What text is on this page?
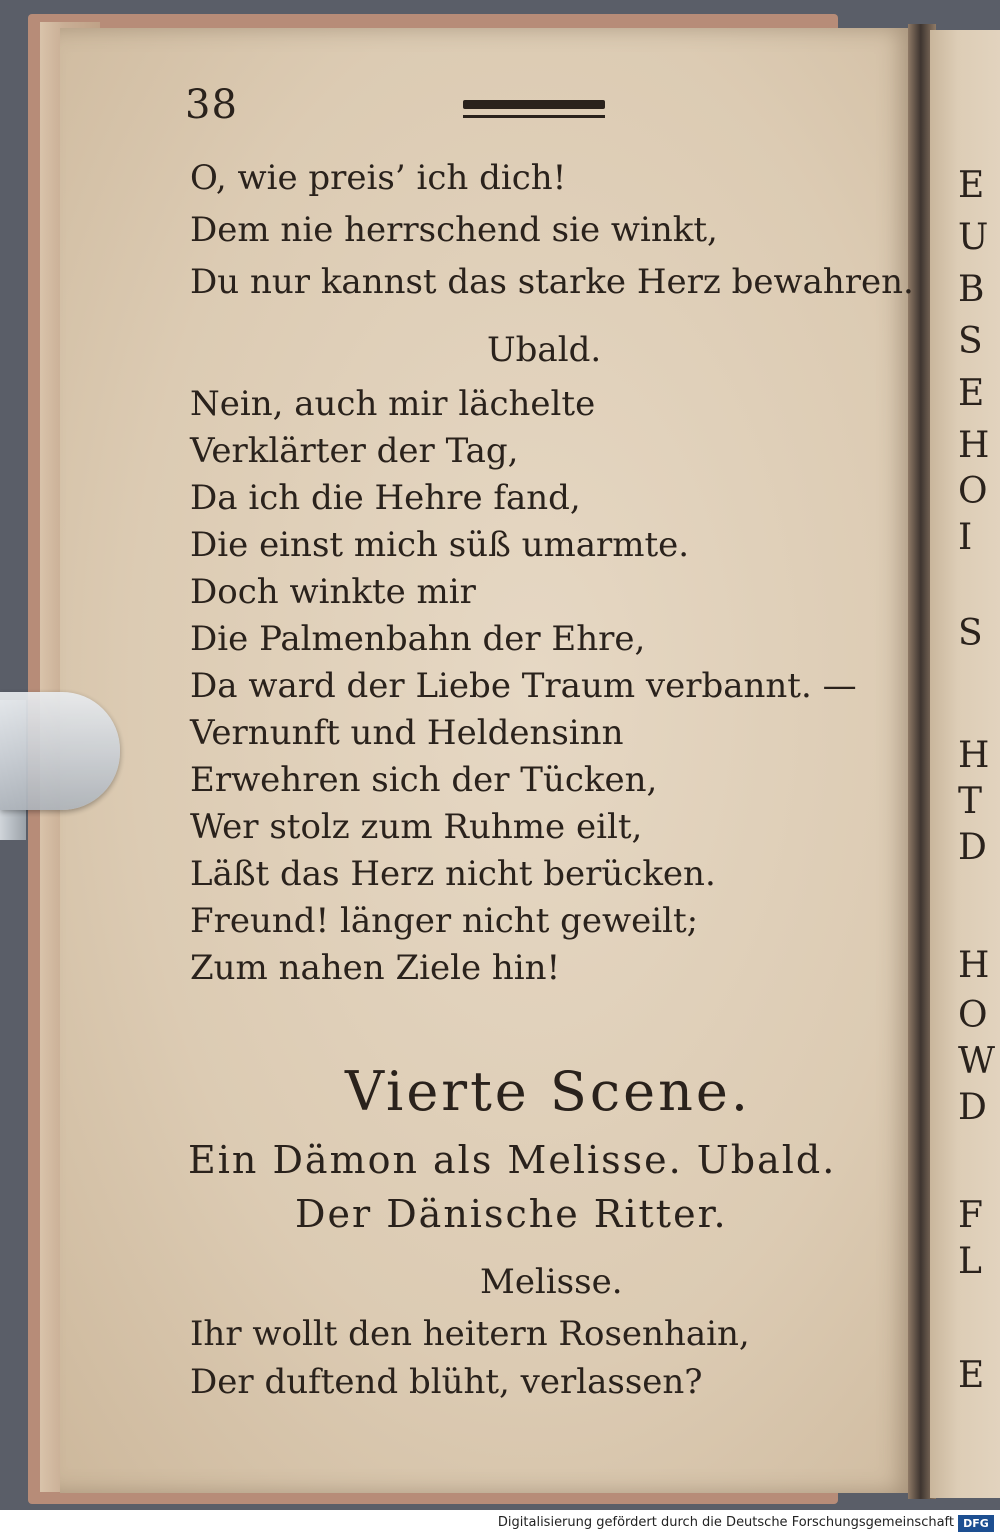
38
O, wie preis’ ich dich!
Dem nie herrschend sie winkt,
Du nur kannst das starke Herz bewahren.
Ubald.
Nein, auch mir lächelte
Verklärter der Tag,
Da ich die Hehre fand,
Die einst mich süß umarmte.
Doch winkte mir
Die Palmenbahn der Ehre,
Da ward der Liebe Traum verbannt. —
Vernunft und Heldensinn
Erwehren sich der Tücken,
Wer stolz zum Ruhme eilt,
Läßt das Herz nicht berücken.
Freund! länger nicht geweilt;
Zum nahen Ziele hin!
Vierte Scene.
Ein Dämon als Melisse. Ubald.
Der Dänische Ritter.
Melisse.
Ihr wollt den heitern Rosenhain,
Der duftend blüht, verlassen?
E
U
B
S
E
H
O
I
S
H
T
D
H
O
W
D
F
L
E
Digitalisierung gefördert durch die Deutsche Forschungsgemeinschaft DFG
